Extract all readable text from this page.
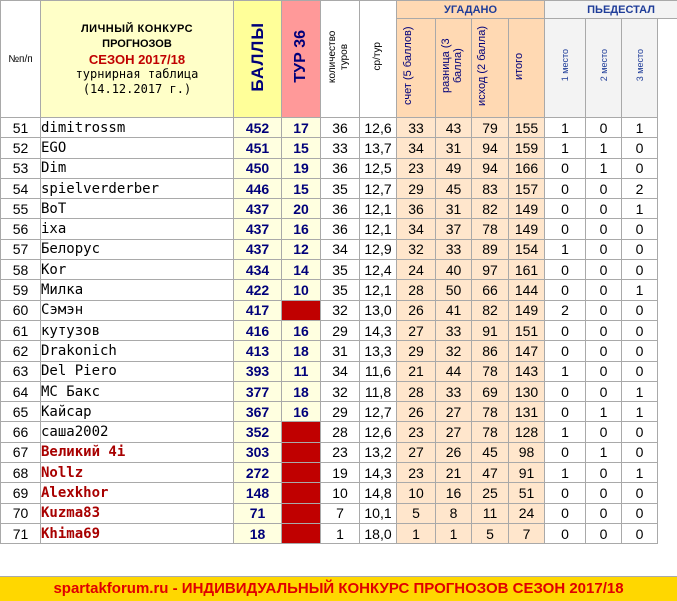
№п/п	ЛИЧНЫЙ КОНКУРС
ПРОГНОЗОВ
СЕЗОН 2017/18
турнирная таблица
(14.12.2017 г.)	БАЛЛЫ	ТУР 36	количество туров	ср/тур	УГАДАНО				ПЬЕДЕСТАЛ		
						счет (5 баллов)	разница (3 балла)	исход (2 балла)	итого	1 место	2 место	3 место
51	dimitrossm	452	17	36	12,6	33	43	79	155	1	0	1
52	EGO	451	15	33	13,7	34	31	94	159	1	1	0
53	Dim	450	19	36	12,5	23	49	94	166	0	1	0
54	spielverderber	446	15	35	12,7	29	45	83	157	0	0	2
55	BoT	437	20	36	12,1	36	31	82	149	0	0	1
56	ixa	437	16	36	12,1	34	37	78	149	0	0	0
57	Белорус	437	12	34	12,9	32	33	89	154	1	0	0
58	Kor	434	14	35	12,4	24	40	97	161	0	0	0
59	Милка	422	10	35	12,1	28	50	66	144	0	0	1
60	Сэмэн	417		32	13,0	26	41	82	149	2	0	0
61	кутузов	416	16	29	14,3	27	33	91	151	0	0	0
62	Drakonich	413	18	31	13,3	29	32	86	147	0	0	0
63	Del Piero	393	11	34	11,6	21	44	78	143	1	0	0
64	MC Бакс	377	18	32	11,8	28	33	69	130	0	0	1
65	Кайсар	367	16	29	12,7	26	27	78	131	0	1	1
66	саша2002	352		28	12,6	23	27	78	128	1	0	0
67	Великий 4i	303		23	13,2	27	26	45	98	0	1	0
68	Nollz	272		19	14,3	23	21	47	91	1	0	1
69	Alexkhor	148		10	14,8	10	16	25	51	0	0	0
70	Kuzma83	71		7	10,1	5	8	11	24	0	0	0
71	Khima69	18		1	18,0	1	1	5	7	0	0	0
spartakforum.ru - ИНДИВИДУАЛЬНЫЙ КОНКУРС ПРОГНОЗОВ СЕЗОН 2017/18
